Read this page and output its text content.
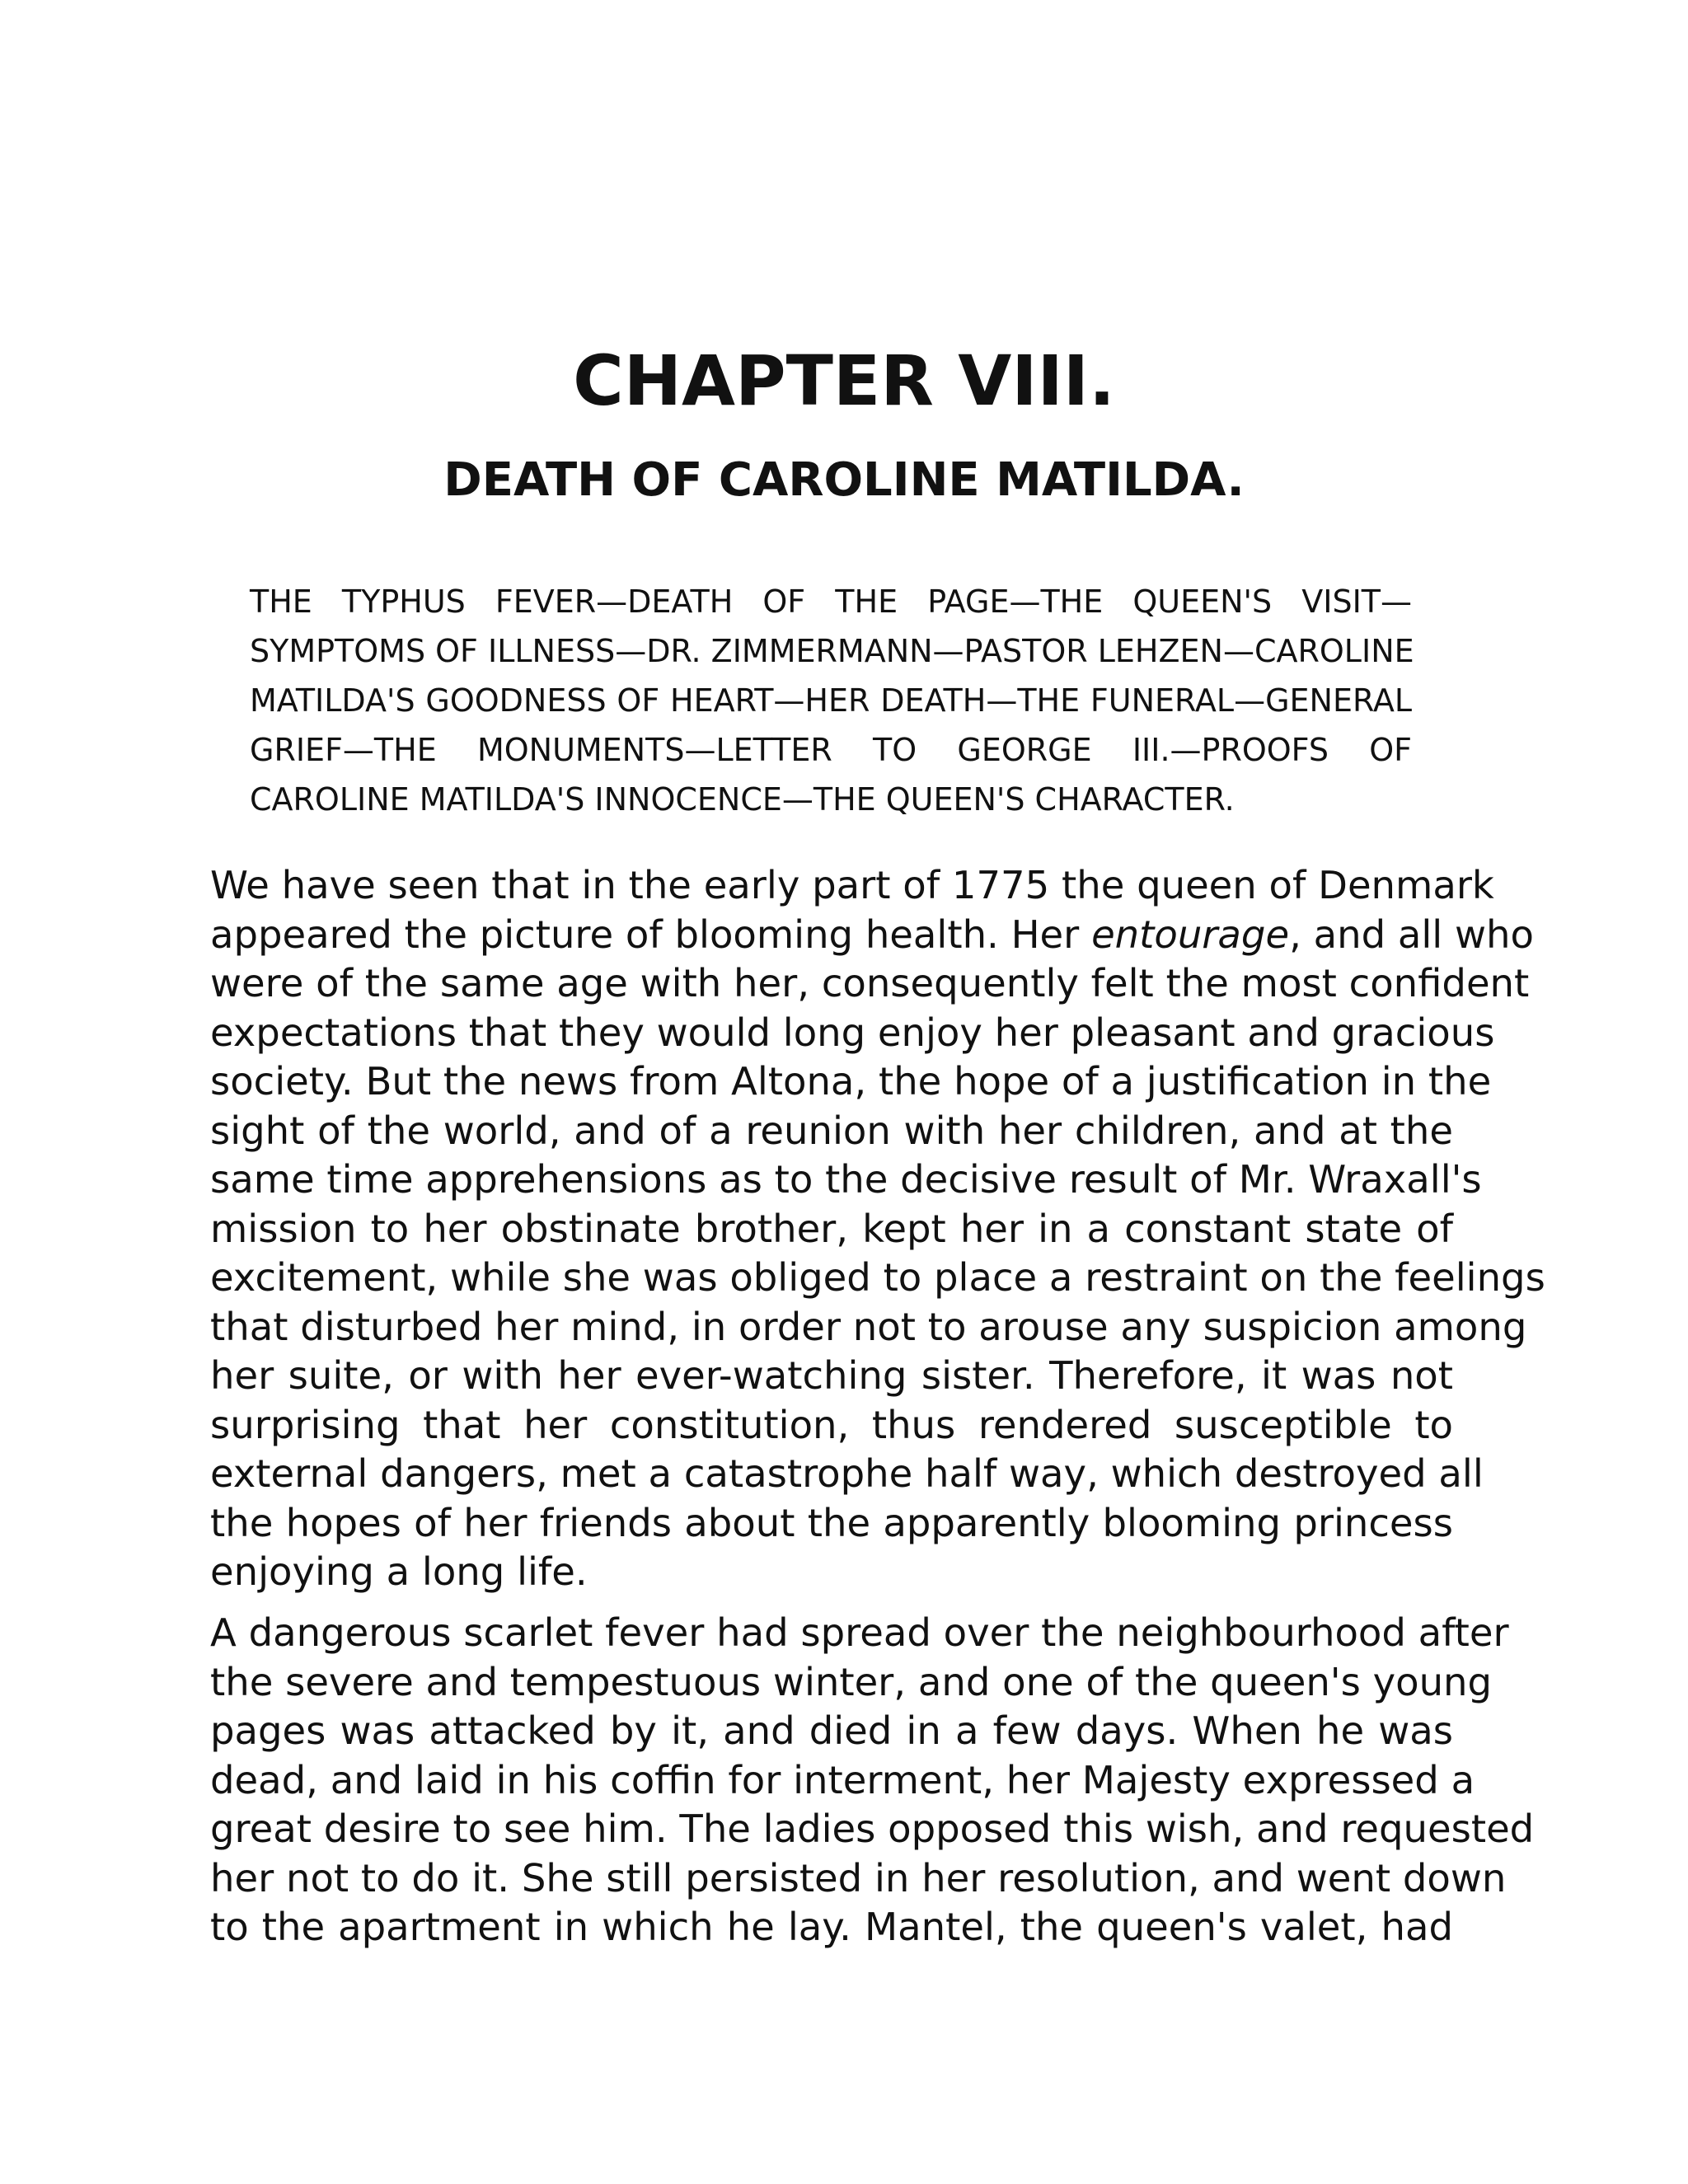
CHAPTER VIII.
DEATH OF CAROLINE MATILDA.
THE TYPHUS FEVER—DEATH OF THE PAGE—THE QUEEN'S VISIT—
SYMPTOMS OF ILLNESS—DR. ZIMMERMANN—PASTOR LEHZEN—CAROLINE
MATILDA'S GOODNESS OF HEART—HER DEATH—THE FUNERAL—GENERAL
GRIEF—THE MONUMENTS—LETTER TO GEORGE III.—PROOFS OF
CAROLINE MATILDA'S INNOCENCE—THE QUEEN'S CHARACTER.
We have seen that in the early part of 1775 the queen of Denmark
appeared the picture of blooming health. Her entourage, and all who
were of the same age with her, consequently felt the most confident
expectations that they would long enjoy her pleasant and gracious
society. But the news from Altona, the hope of a justification in the
sight of the world, and of a reunion with her children, and at the
same time apprehensions as to the decisive result of Mr. Wraxall's
mission to her obstinate brother, kept her in a constant state of
excitement, while she was obliged to place a restraint on the feelings
that disturbed her mind, in order not to arouse any suspicion among
her suite, or with her ever-watching sister. Therefore, it was not
surprising that her constitution, thus rendered susceptible to
external dangers, met a catastrophe half way, which destroyed all
the hopes of her friends about the apparently blooming princess
enjoying a long life.
A dangerous scarlet fever had spread over the neighbourhood after
the severe and tempestuous winter, and one of the queen's young
pages was attacked by it, and died in a few days. When he was
dead, and laid in his coffin for interment, her Majesty expressed a
great desire to see him. The ladies opposed this wish, and requested
her not to do it. She still persisted in her resolution, and went down
to the apartment in which he lay. Mantel, the queen's valet, had
